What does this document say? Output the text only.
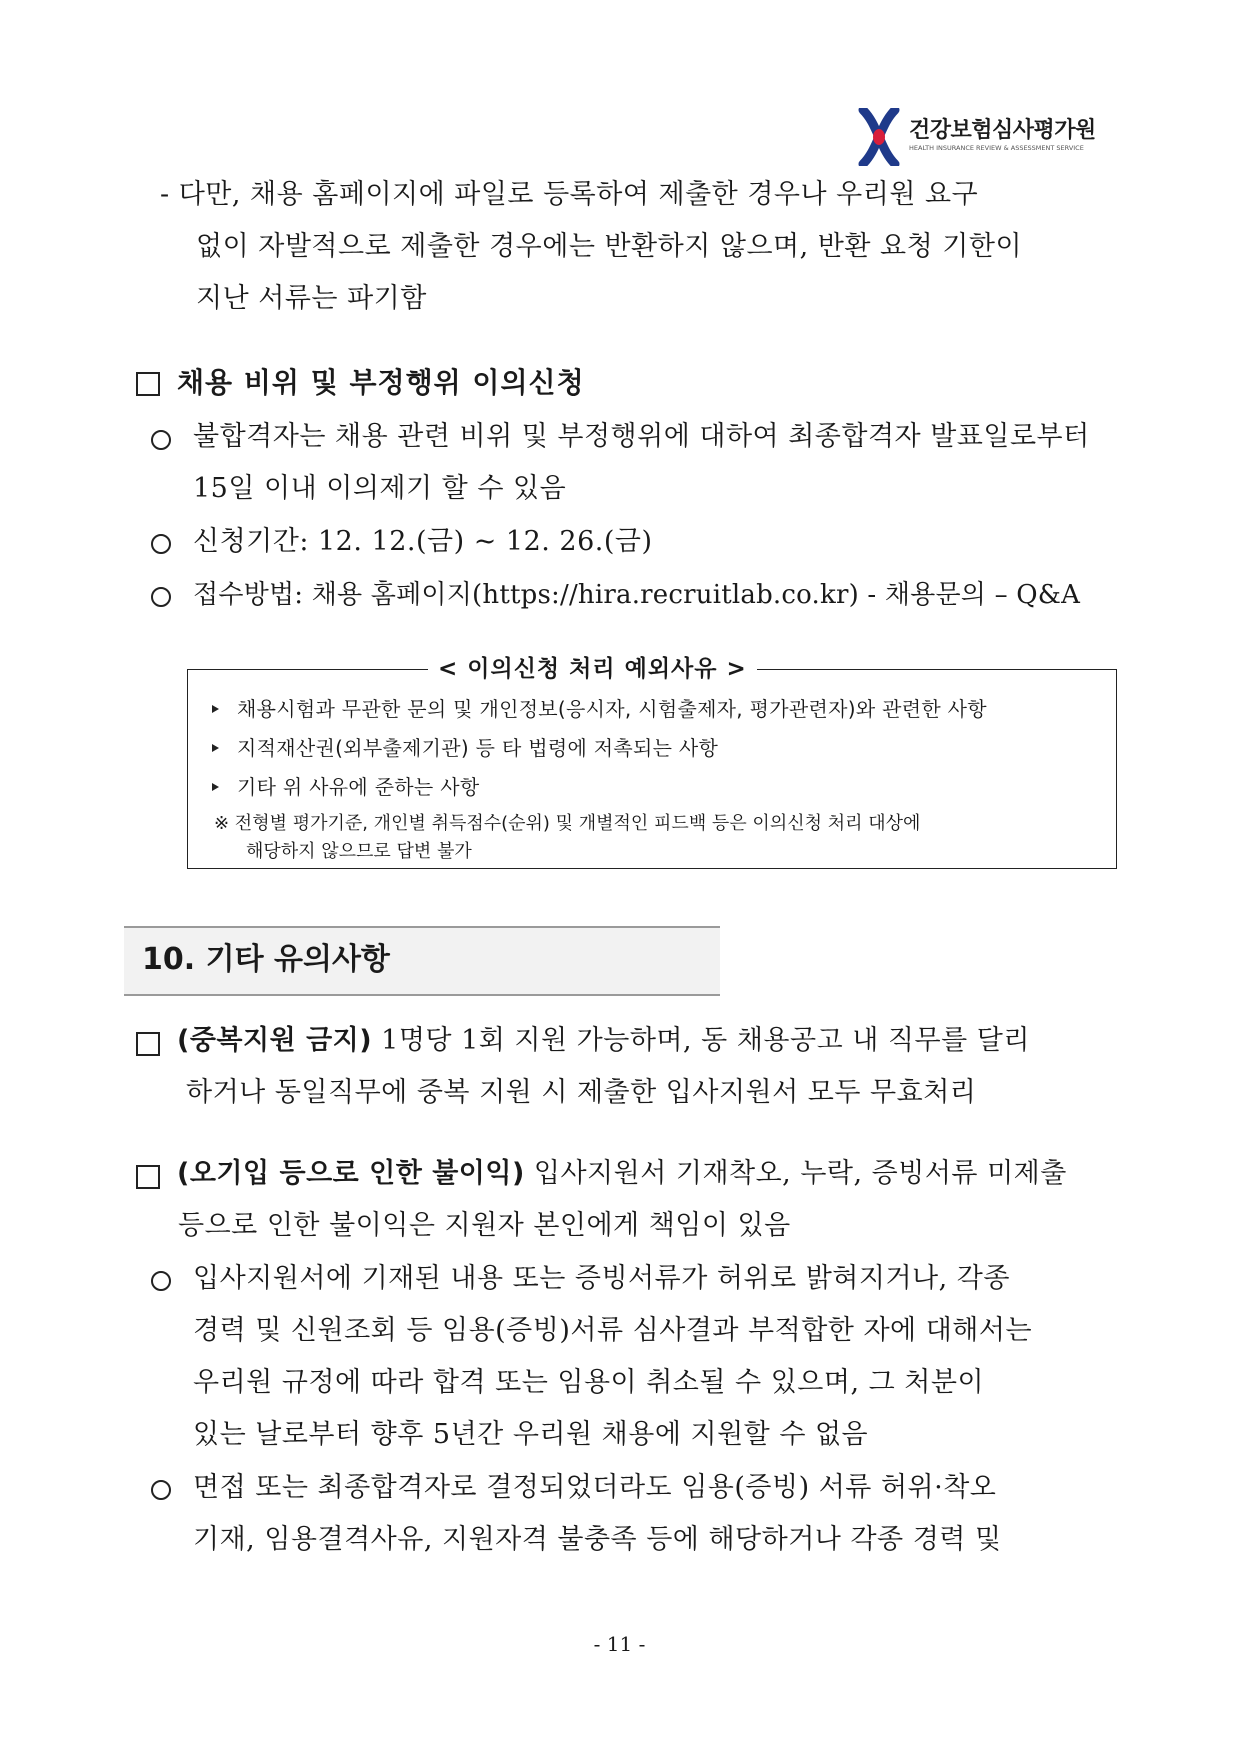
건강보험심사평가원
HEALTH INSURANCE REVIEW & ASSESSMENT SERVICE
- 다만, 채용 홈페이지에 파일로 등록하여 제출한 경우나 우리원 요구
없이 자발적으로 제출한 경우에는 반환하지 않으며, 반환 요청 기한이
지난 서류는 파기함
채용 비위 및 부정행위 이의신청
불합격자는 채용 관련 비위 및 부정행위에 대하여 최종합격자 발표일로부터
15일 이내 이의제기 할 수 있음
신청기간: 12. 12.(금) ~ 12. 26.(금)
접수방법: 채용 홈페이지(https://hira.recruitlab.co.kr) - 채용문의 – Q&A
< 이의신청 처리 예외사유 >
채용시험과 무관한 문의 및 개인정보(응시자, 시험출제자, 평가관련자)와 관련한 사항
지적재산권(외부출제기관) 등 타 법령에 저촉되는 사항
기타 위 사유에 준하는 사항
※ 전형별 평가기준, 개인별 취득점수(순위) 및 개별적인 피드백 등은 이의신청 처리 대상에
해당하지 않으므로 답변 불가
10. 기타 유의사항
(중복지원 금지) 1명당 1회 지원 가능하며, 동 채용공고 내 직무를 달리
하거나 동일직무에 중복 지원 시 제출한 입사지원서 모두 무효처리
(오기입 등으로 인한 불이익) 입사지원서 기재착오, 누락, 증빙서류 미제출
등으로 인한 불이익은 지원자 본인에게 책임이 있음
입사지원서에 기재된 내용 또는 증빙서류가 허위로 밝혀지거나, 각종
경력 및 신원조회 등 임용(증빙)서류 심사결과 부적합한 자에 대해서는
우리원 규정에 따라 합격 또는 임용이 취소될 수 있으며, 그 처분이
있는 날로부터 향후 5년간 우리원 채용에 지원할 수 없음
면접 또는 최종합격자로 결정되었더라도 임용(증빙) 서류 허위·착오
기재, 임용결격사유, 지원자격 불충족 등에 해당하거나 각종 경력 및
- 11 -
